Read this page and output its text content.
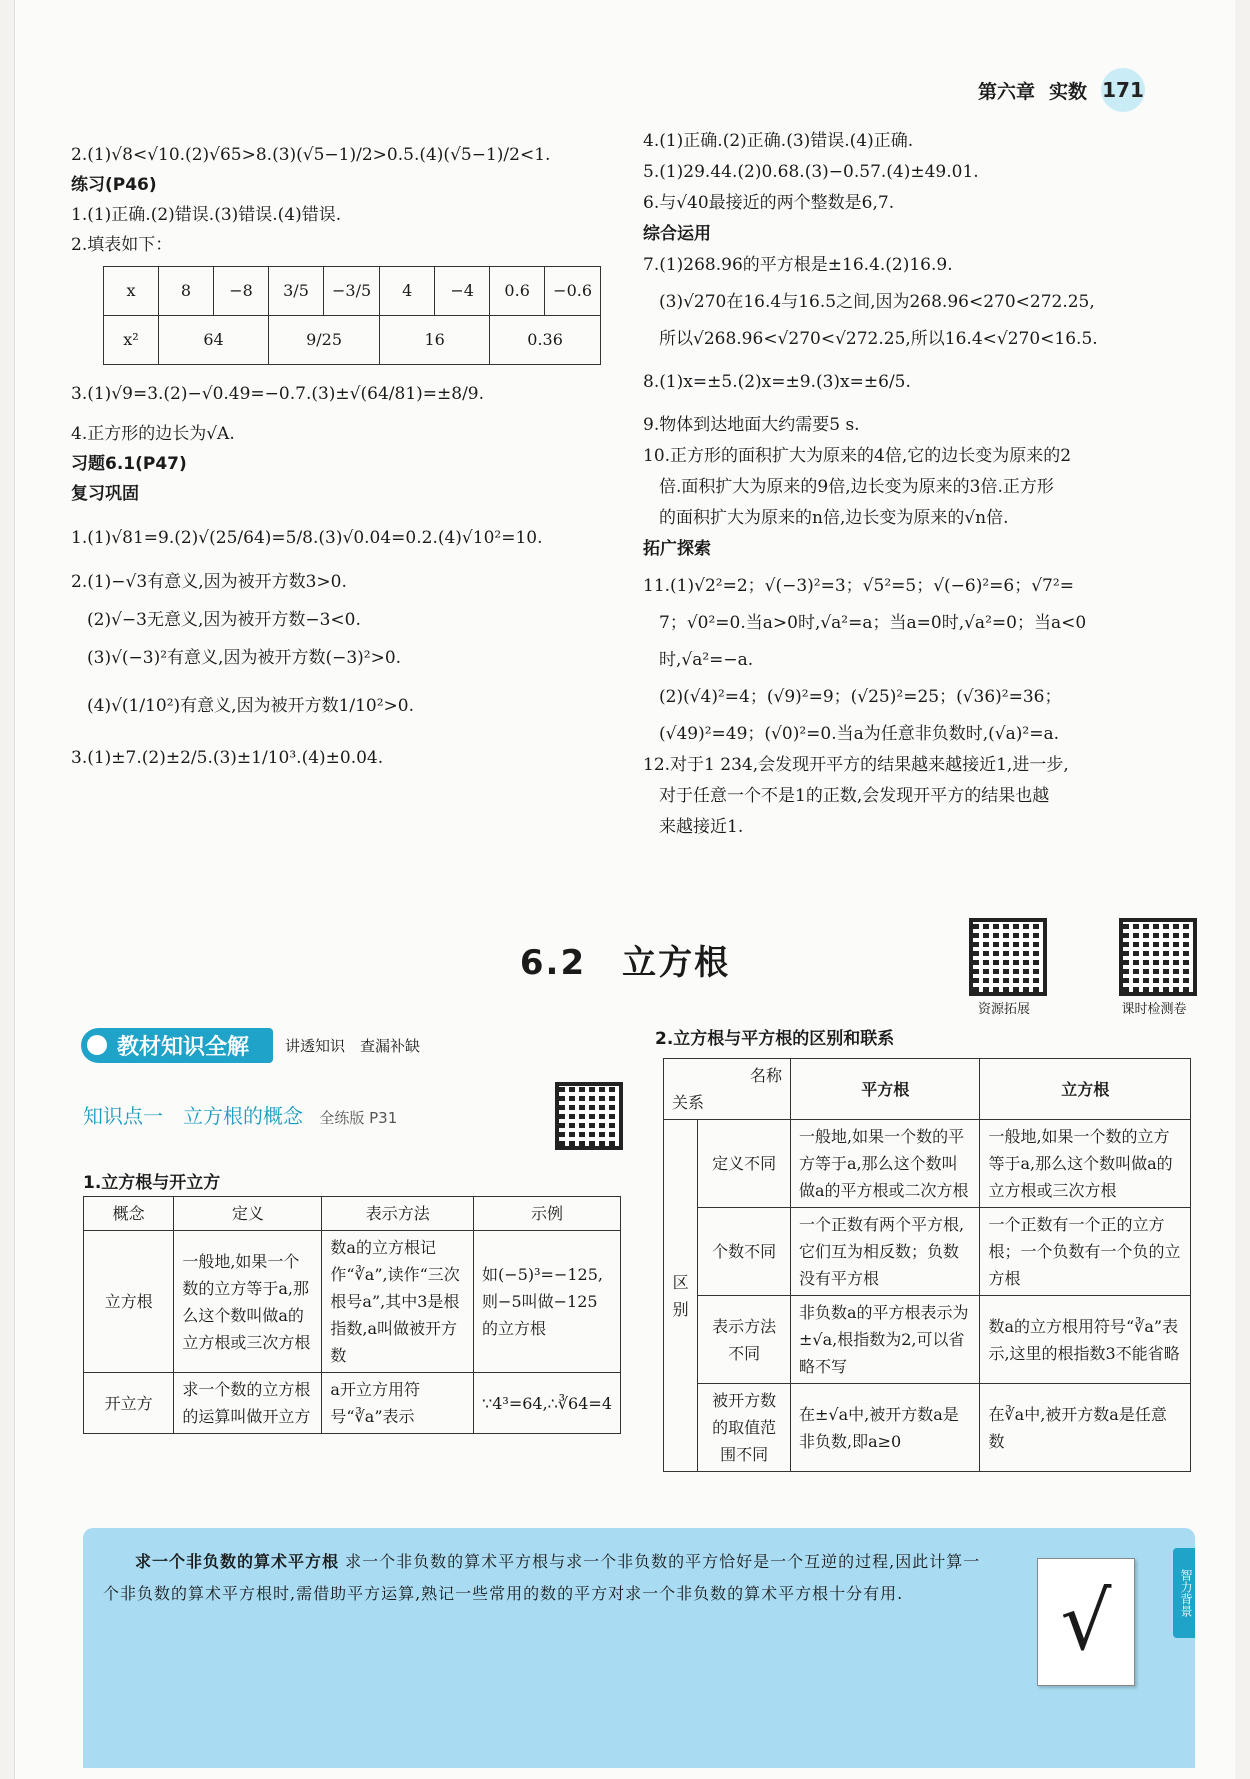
第六章 实数 171

2.(1)√8<√10.(2)√65>8.(3)(√5−1)/2>0.5.(4)(√5−1)/2<1.

练习(P46)

1.(1)正确.(2)错误.(3)错误.(4)错误.

2.填表如下：

x	8	−8	3/5	−3/5	4	−4	0.6	−0.6
x²	64		9/25		16		0.36	

3.(1)√9=3.(2)−√0.49=−0.7.(3)±√(64/81)=±8/9.

4.正方形的边长为√A.

习题6.1(P47)

复习巩固

1.(1)√81=9.(2)√(25/64)=5/8.(3)√0.04=0.2.(4)√10²=10.

2.(1)−√3有意义,因为被开方数3>0.

(2)√−3无意义,因为被开方数−3<0.

(3)√(−3)²有意义,因为被开方数(−3)²>0.

(4)√(1/10²)有意义,因为被开方数1/10²>0.

3.(1)±7.(2)±2/5.(3)±1/10³.(4)±0.04.

4.(1)正确.(2)正确.(3)错误.(4)正确.

5.(1)29.44.(2)0.68.(3)−0.57.(4)±49.01.

6.与√40最接近的两个整数是6,7.

综合运用

7.(1)268.96的平方根是±16.4.(2)16.9.

(3)√270在16.4与16.5之间,因为268.96<270<272.25,

所以√268.96<√270<√272.25,所以16.4<√270<16.5.

8.(1)x=±5.(2)x=±9.(3)x=±6/5.

9.物体到达地面大约需要5 s.

10.正方形的面积扩大为原来的4倍,它的边长变为原来的2

倍.面积扩大为原来的9倍,边长变为原来的3倍.正方形

的面积扩大为原来的n倍,边长变为原来的√n倍.

拓广探索

11.(1)√2²=2；√(−3)²=3；√5²=5；√(−6)²=6；√7²=

7；√0²=0.当a>0时,√a²=a；当a=0时,√a²=0；当a<0

时,√a²=−a.

(2)(√4)²=4；(√9)²=9；(√25)²=25；(√36)²=36；

(√49)²=49；(√0)²=0.当a为任意非负数时,(√a)²=a.

12.对于1 234,会发现开平方的结果越来越接近1,进一步,

对于任意一个不是1的正数,会发现开平方的结果也越

来越接近1.

6.2　立方根
资源拓展	课时检测卷
教材知识全解	讲透知识　查漏补缺
知识点一　立方根的概念 全练版 P31
1.立方根与开立方
概念	定义	表示方法	示例
立方根	一般地,如果一个数的立方等于a,那么这个数叫做a的立方根或三次方根	数a的立方根记作“∛a”,读作“三次根号a”,其中3是根指数,a叫做被开方数	如(−5)³=−125,则−5叫做−125的立方根
开立方	求一个数的立方根的运算叫做开立方	a开立方用符号“∛a”表示	∵4³=64,∴∛64=4
2.立方根与平方根的区别和联系
名称
关系		平方根	立方根
区别	定义不同	一般地,如果一个数的平方等于a,那么这个数叫做a的平方根或二次方根	一般地,如果一个数的立方等于a,那么这个数叫做a的立方根或三次方根
	个数不同	一个正数有两个平方根,它们互为相反数；负数没有平方根	一个正数有一个正的立方根；一个负数有一个负的立方根
	表示方法不同	非负数a的平方根表示为±√a,根指数为2,可以省略不写	数a的立方根用符号“∛a”表示,这里的根指数3不能省略
	被开方数的取值范围不同	在±√a中,被开方数a是非负数,即a≥0	在∛a中,被开方数a是任意数
求一个非负数的算术平方根 求一个非负数的算术平方根与求一个非负数的平方恰好是一个互逆的过程,因此计算一个非负数的算术平方根时,需借助平方运算,熟记一些常用的数的平方对求一个非负数的算术平方根十分有用.	√	智力背景
